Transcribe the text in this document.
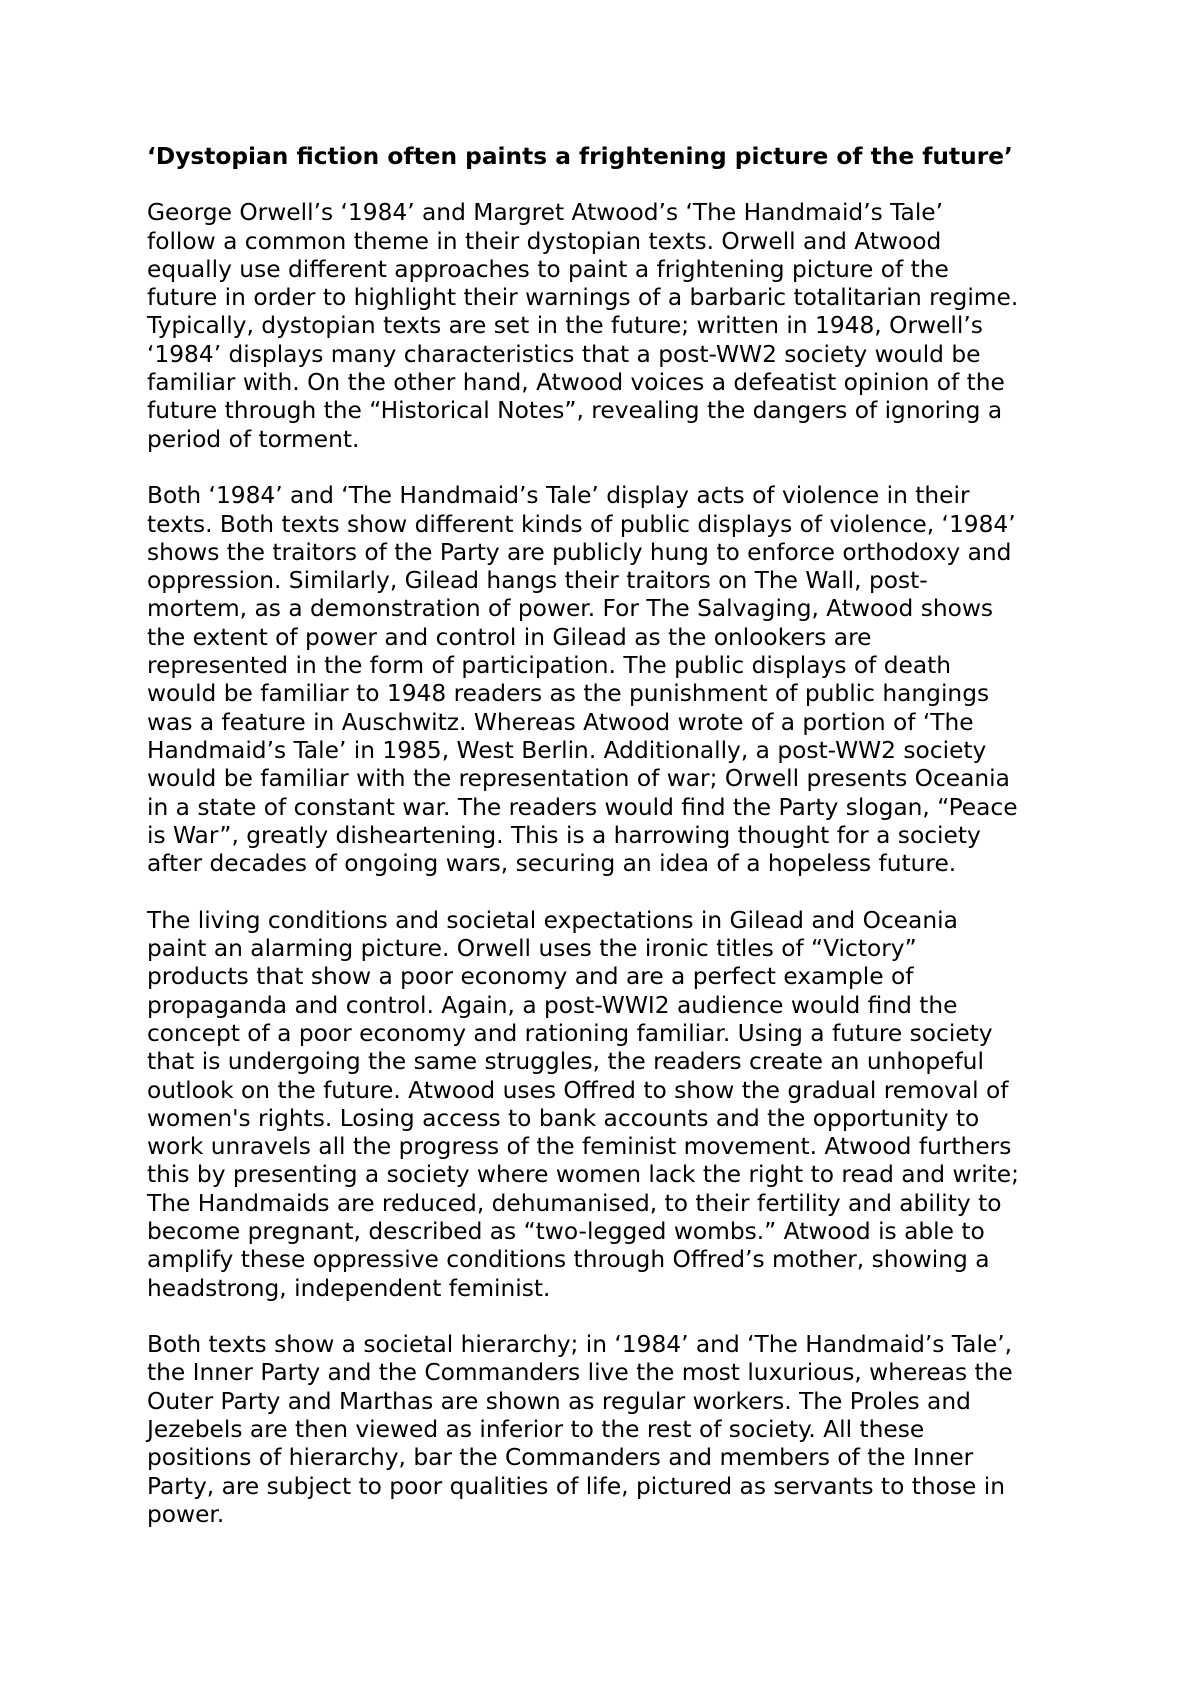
‘Dystopian fiction often paints a frightening picture of the future’
George Orwell’s ‘1984’ and Margret Atwood’s ‘The Handmaid’s Tale’
follow a common theme in their dystopian texts. Orwell and Atwood
equally use different approaches to paint a frightening picture of the
future in order to highlight their warnings of a barbaric totalitarian regime.
Typically, dystopian texts are set in the future; written in 1948, Orwell’s
‘1984’ displays many characteristics that a post-WW2 society would be
familiar with. On the other hand, Atwood voices a defeatist opinion of the
future through the “Historical Notes”, revealing the dangers of ignoring a
period of torment.
Both ‘1984’ and ‘The Handmaid’s Tale’ display acts of violence in their
texts. Both texts show different kinds of public displays of violence, ‘1984’
shows the traitors of the Party are publicly hung to enforce orthodoxy and
oppression. Similarly, Gilead hangs their traitors on The Wall, post-
mortem, as a demonstration of power. For The Salvaging, Atwood shows
the extent of power and control in Gilead as the onlookers are
represented in the form of participation. The public displays of death
would be familiar to 1948 readers as the punishment of public hangings
was a feature in Auschwitz. Whereas Atwood wrote of a portion of ‘The
Handmaid’s Tale’ in 1985, West Berlin. Additionally, a post-WW2 society
would be familiar with the representation of war; Orwell presents Oceania
in a state of constant war. The readers would find the Party slogan, “Peace
is War”, greatly disheartening. This is a harrowing thought for a society
after decades of ongoing wars, securing an idea of a hopeless future.
The living conditions and societal expectations in Gilead and Oceania
paint an alarming picture. Orwell uses the ironic titles of “Victory”
products that show a poor economy and are a perfect example of
propaganda and control. Again, a post-WWI2 audience would find the
concept of a poor economy and rationing familiar. Using a future society
that is undergoing the same struggles, the readers create an unhopeful
outlook on the future. Atwood uses Offred to show the gradual removal of
women's rights. Losing access to bank accounts and the opportunity to
work unravels all the progress of the feminist movement. Atwood furthers
this by presenting a society where women lack the right to read and write;
The Handmaids are reduced, dehumanised, to their fertility and ability to
become pregnant, described as “two-legged wombs.” Atwood is able to
amplify these oppressive conditions through Offred’s mother, showing a
headstrong, independent feminist.
Both texts show a societal hierarchy; in ‘1984’ and ‘The Handmaid’s Tale’,
the Inner Party and the Commanders live the most luxurious, whereas the
Outer Party and Marthas are shown as regular workers. The Proles and
Jezebels are then viewed as inferior to the rest of society. All these
positions of hierarchy, bar the Commanders and members of the Inner
Party, are subject to poor qualities of life, pictured as servants to those in
power.
